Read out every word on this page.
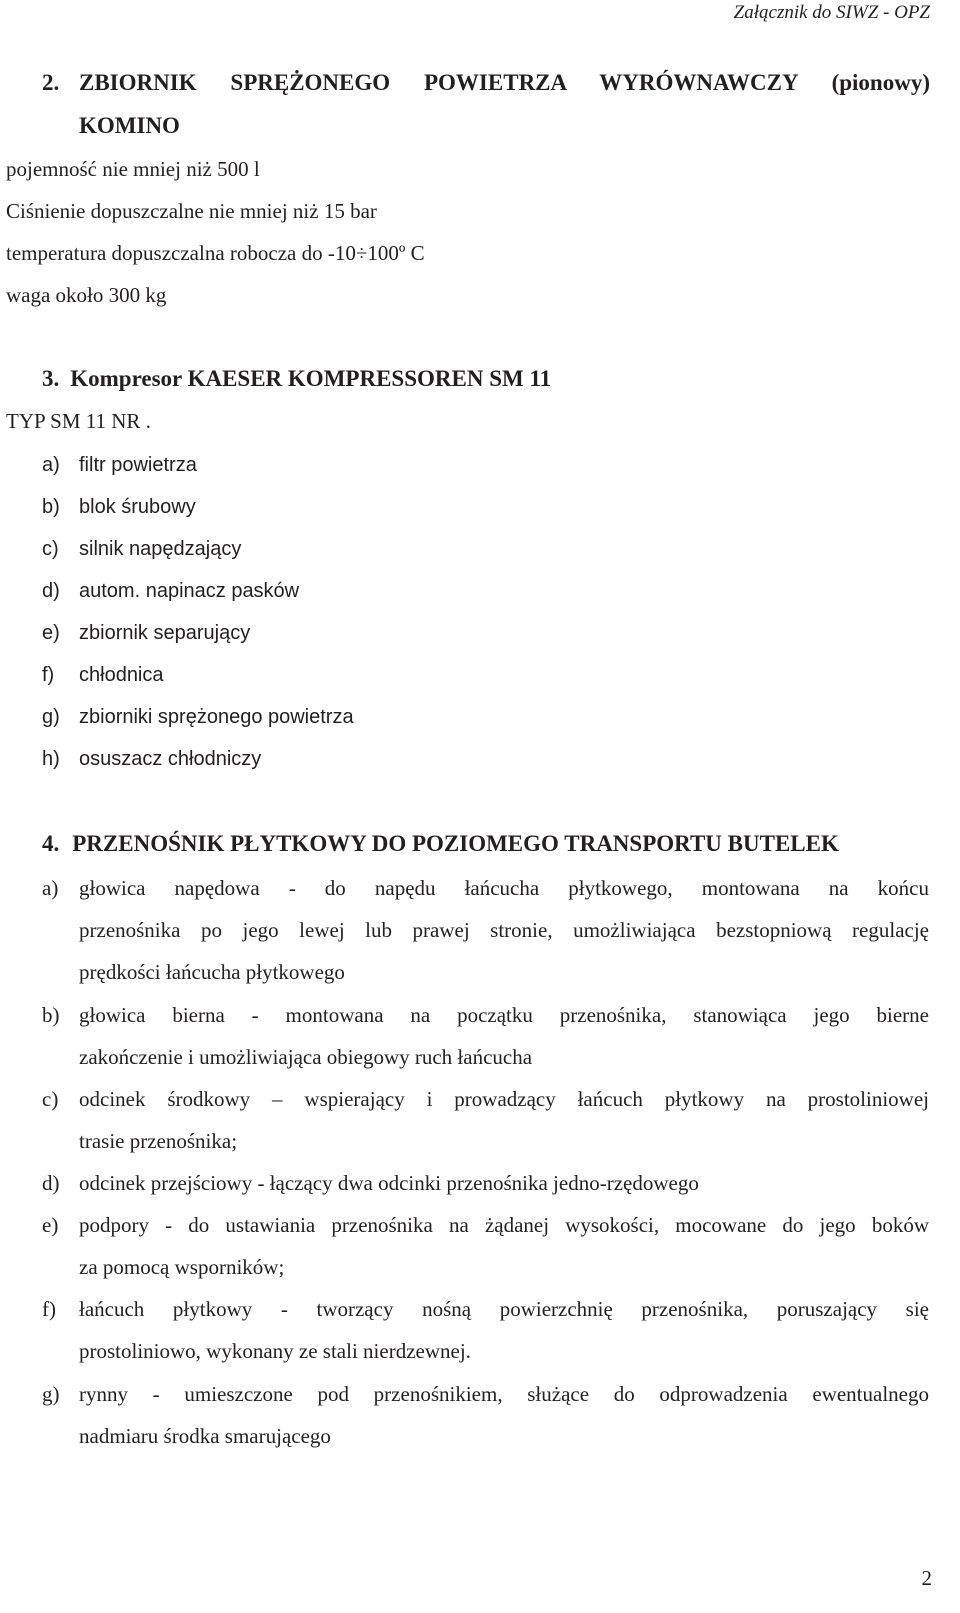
Załącznik do SIWZ - OPZ
2. ZBIORNIK SPRĘŻONEGO POWIETRZA WYRÓWNAWCZY (pionowy)
KOMINO
pojemność nie mniej niż 500 l
Ciśnienie dopuszczalne nie mniej niż 15 bar
temperatura dopuszczalna robocza do -10÷100º C
waga około 300 kg
3. Kompresor KAESER KOMPRESSOREN SM 11
TYP SM 11 NR .
a) filtr powietrza
b) blok śrubowy
c) silnik napędzający
d) autom. napinacz pasków
e) zbiornik separujący
f) chłodnica
g) zbiorniki sprężonego powietrza
h) osuszacz chłodniczy
4. PRZENOŚNIK PŁYTKOWY DO POZIOMEGO TRANSPORTU BUTELEK
a) głowica napędowa - do napędu łańcucha płytkowego, montowana na końcu
przenośnika po jego lewej lub prawej stronie, umożliwiająca bezstopniową regulację
prędkości łańcucha płytkowego
b) głowica bierna - montowana na początku przenośnika, stanowiąca jego bierne
zakończenie i umożliwiająca obiegowy ruch łańcucha
c) odcinek środkowy – wspierający i prowadzący łańcuch płytkowy na prostoliniowej
trasie przenośnika;
d) odcinek przejściowy - łączący dwa odcinki przenośnika jedno-rzędowego
e) podpory - do ustawiania przenośnika na żądanej wysokości, mocowane do jego boków
za pomocą wsporników;
f) łańcuch płytkowy - tworzący nośną powierzchnię przenośnika, poruszający się
prostoliniowo, wykonany ze stali nierdzewnej.
g) rynny - umieszczone pod przenośnikiem, służące do odprowadzenia ewentualnego
nadmiaru środka smarującego
2
